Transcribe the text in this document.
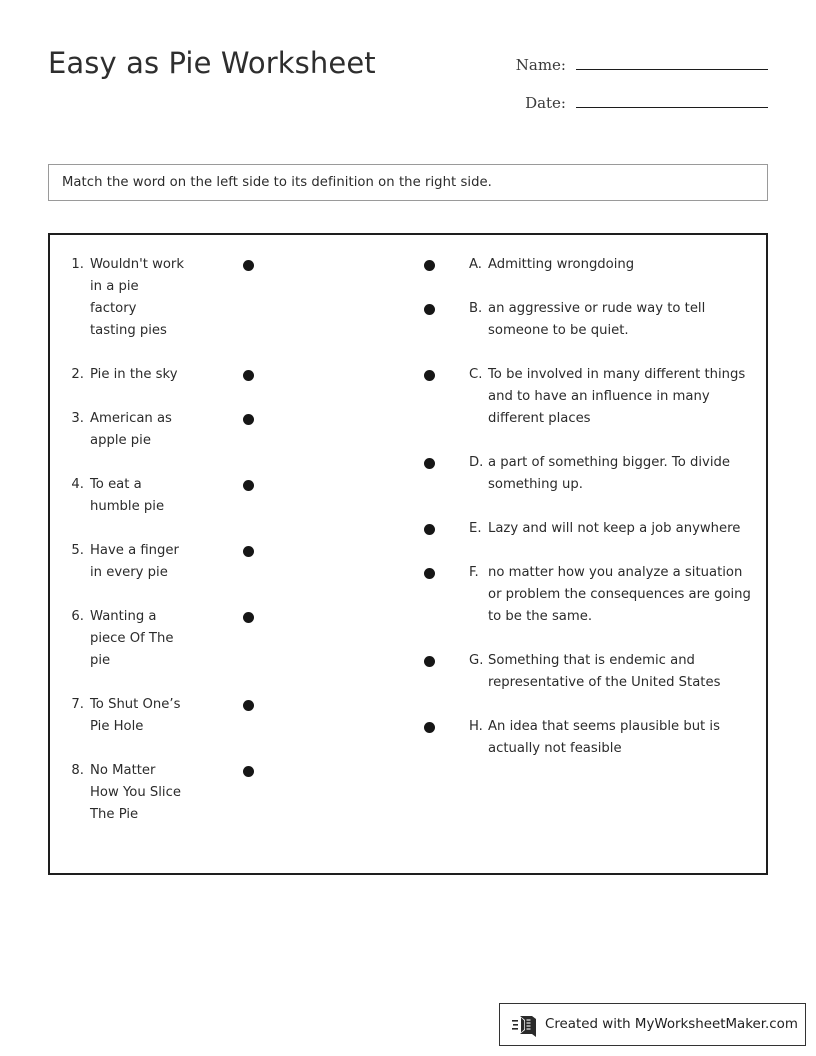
Easy as Pie Worksheet	Name:
Date:
Match the word on the left side to its definition on the right side.
1. Wouldn't work in a pie factory tasting pies
2. Pie in the sky
3. American as apple pie
4. To eat a humble pie
5. Have a finger in every pie
6. Wanting a piece Of The pie
7. To Shut One’s Pie Hole
8. No Matter How You Slice The Pie
A. Admitting wrongdoing
B. an aggressive or rude way to tell someone to be quiet.
C. To be involved in many different things and to have an influence in many different places
D. a part of something bigger. To divide something up.
E. Lazy and will not keep a job anywhere
F. no matter how you analyze a situation or problem the consequences are going to be the same.
G. Something that is endemic and representative of the United States
H. An idea that seems plausible but is actually not feasible
Created with MyWorksheetMaker.com
